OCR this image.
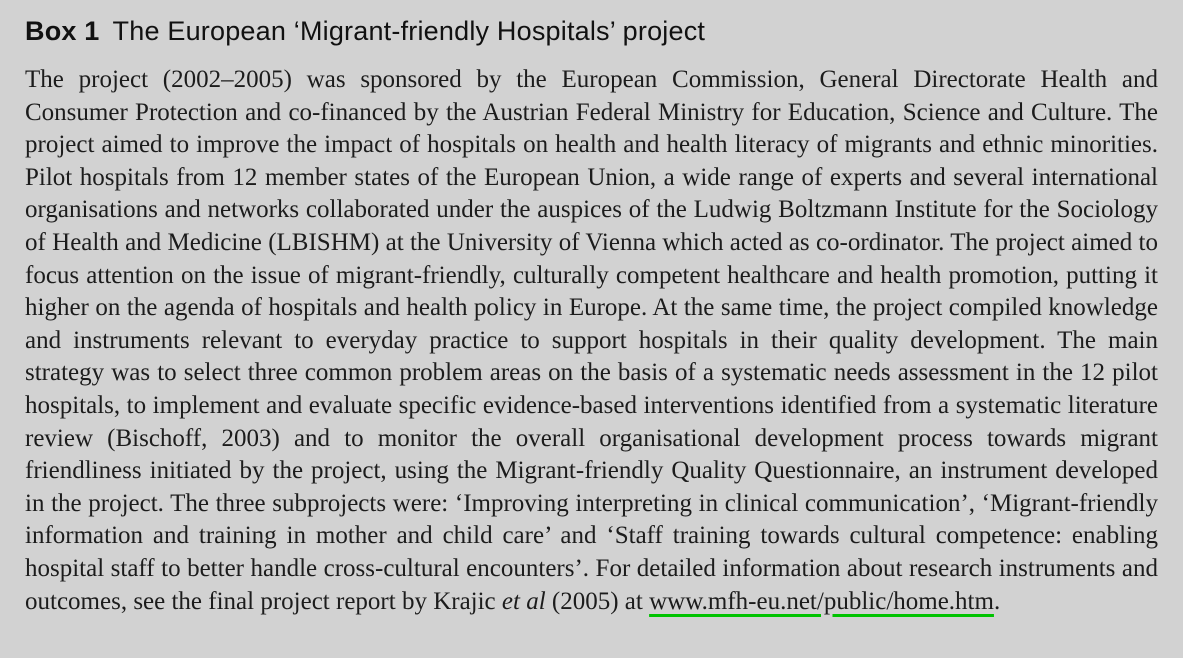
Box 1 The European ‘Migrant-friendly Hospitals’ project

The project (2002–2005) was sponsored by the European Commission, General Directorate Health and Consumer Protection and co-financed by the Austrian Federal Ministry for Education, Science and Culture. The project aimed to improve the impact of hospitals on health and health literacy of migrants and ethnic minorities. Pilot hospitals from 12 member states of the European Union, a wide range of experts and several international organisations and networks collaborated under the auspices of the Ludwig Boltzmann Institute for the Sociology of Health and Medicine (LBISHM) at the University of Vienna which acted as co-ordinator. The project aimed to focus attention on the issue of migrant-friendly, culturally competent healthcare and health promotion, putting it higher on the agenda of hospitals and health policy in Europe. At the same time, the project compiled knowledge and instruments relevant to everyday practice to support hospitals in their quality development. The main strategy was to select three common problem areas on the basis of a systematic needs assessment in the 12 pilot hospitals, to implement and evaluate specific evidence-based interventions identified from a systematic literature review (Bischoff, 2003) and to monitor the overall organisational development process towards migrant friendliness initiated by the project, using the Migrant-friendly Quality Questionnaire, an instrument developed in the project. The three subprojects were: ‘Improving interpreting in clinical communication’, ‘Migrant-friendly information and training in mother and child care’ and ‘Staff training towards cultural competence: enabling hospital staff to better handle cross-cultural encounters’. For detailed information about research instruments and outcomes, see the final project report by Krajic et al (2005) at www.mfh-eu.net/public/home.htm.
